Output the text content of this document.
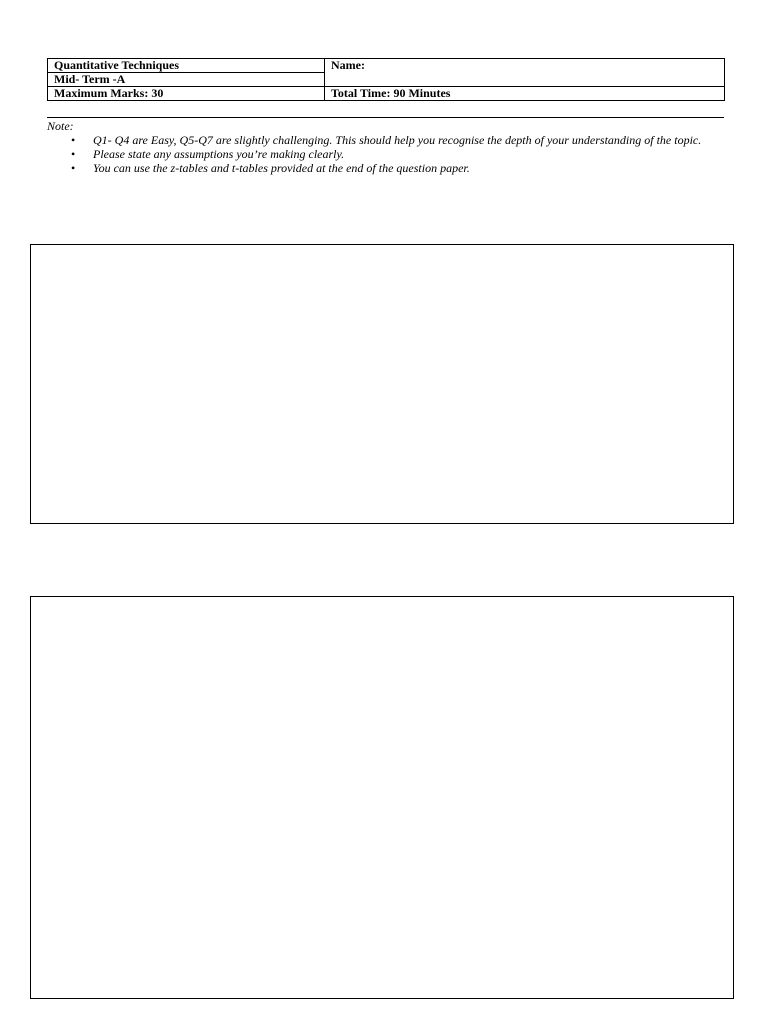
Quantitative Techniques	Name:
Mid- Term -A	
Maximum Marks: 30	Total Time: 90 Minutes
Note:
• Q1- Q4 are Easy, Q5-Q7 are slightly challenging. This should help you recognise the depth of your understanding of the topic.
• Please state any assumptions you’re making clearly.
• You can use the z-tables and t-tables provided at the end of the question paper.
